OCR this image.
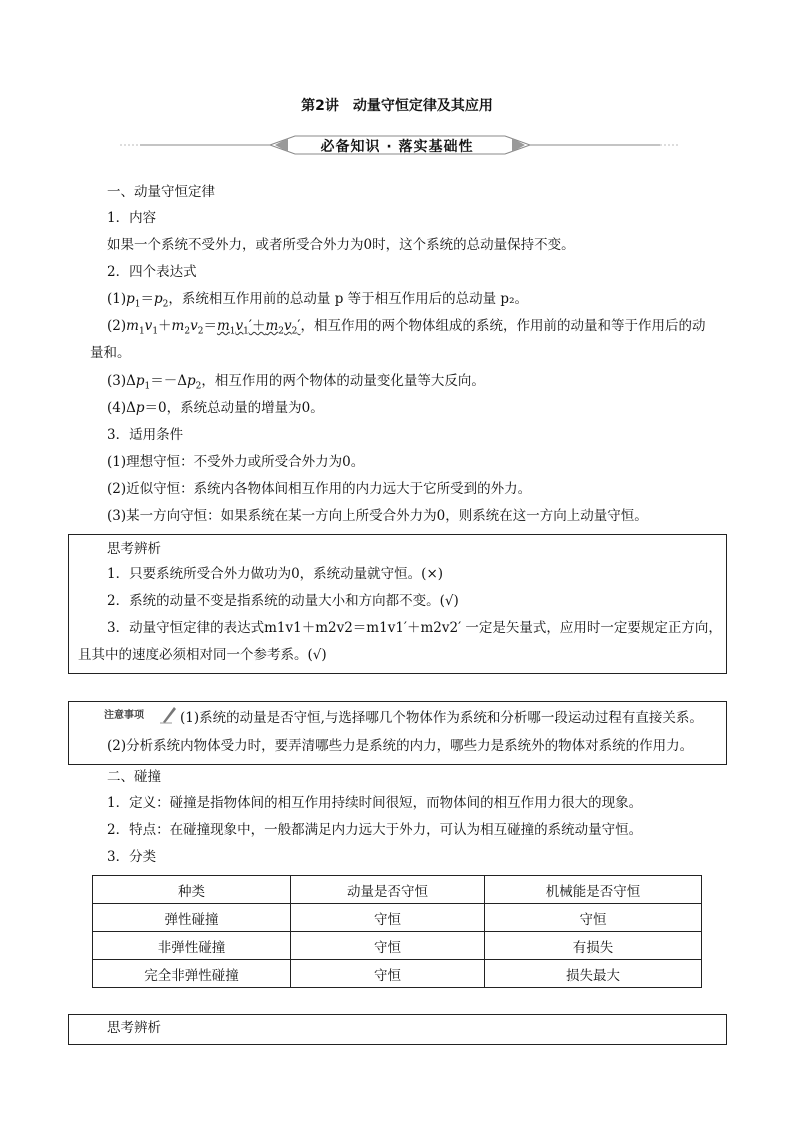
第2讲　动量守恒定律及其应用
必备知识 · 落实基础性
一、动量守恒定律
1．内容
如果一个系统不受外力，或者所受合外力为0时，这个系统的总动量保持不变。
2．四个表达式
$(1)p_1=p_2$，系统相互作用前的总动量 p 等于相互作用后的总动量 p₂。
$(2)m_1v_1+m_2v_2=m_1v_1'+m_2v_2'$，相互作用的两个物体组成的系统，作用前的动量和等于作用后的动
量和。
$(3)\Delta p_1=-\Delta p_2$，相互作用的两个物体的动量变化量等大反向。
(4)Δp＝0，系统总动量的增量为0。
3．适用条件
(1)理想守恒：不受外力或所受合外力为0。
(2)近似守恒：系统内各物体间相互作用的内力远大于它所受到的外力。
(3)某一方向守恒：如果系统在某一方向上所受合外力为0，则系统在这一方向上动量守恒。
思考辨析
1．只要系统所受合外力做功为0，系统动量就守恒。(×)
2．系统的动量不变是指系统的动量大小和方向都不变。(√)
3．动量守恒定律的表达式m1v1＋m2v2＝m1v1′＋m2v2′ 一定是矢量式，应用时一定要规定正方向，
且其中的速度必须相对同一个参考系。(√)
注意事项	(1)系统的动量是否守恒,与选择哪几个物体作为系统和分析哪一段运动过程有直接关系。
(2)分析系统内物体受力时，要弄清哪些力是系统的内力，哪些力是系统外的物体对系统的作用力。
二、碰撞
1．定义：碰撞是指物体间的相互作用持续时间很短，而物体间的相互作用力很大的现象。
2．特点：在碰撞现象中，一般都满足内力远大于外力，可认为相互碰撞的系统动量守恒。
3．分类
种类	动量是否守恒	机械能是否守恒
弹性碰撞	守恒	守恒
非弹性碰撞	守恒	有损失
完全非弹性碰撞	守恒	损失最大
思考辨析
